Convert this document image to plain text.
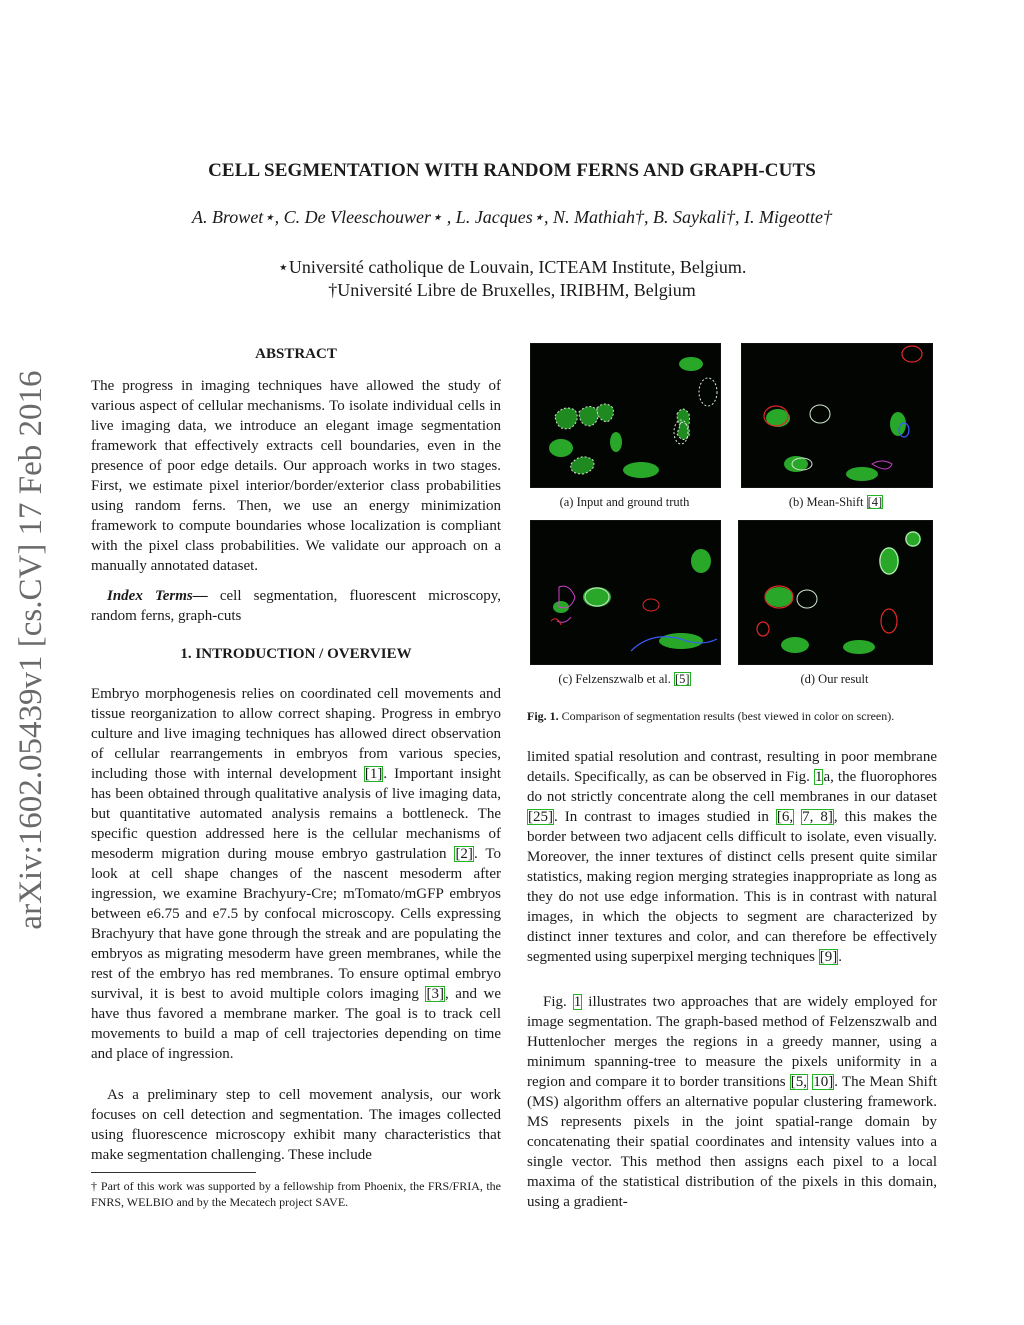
arXiv:1602.05439v1 [cs.CV] 17 Feb 2016
CELL SEGMENTATION WITH RANDOM FERNS AND GRAPH-CUTS
A. Browet⋆, C. De Vleeschouwer⋆ , L. Jacques⋆, N. Mathiah†, B. Saykali†, I. Migeotte†
⋆Université catholique de Louvain, ICTEAM Institute, Belgium.
†Université Libre de Bruxelles, IRIBHM, Belgium
ABSTRACT
The progress in imaging techniques have allowed the study of various aspect of cellular mechanisms. To isolate individual cells in live imaging data, we introduce an elegant image segmentation framework that effectively extracts cell boundaries, even in the presence of poor edge details. Our approach works in two stages. First, we estimate pixel interior/border/exterior class probabilities using random ferns. Then, we use an energy minimization framework to compute boundaries whose localization is compliant with the pixel class probabilities. We validate our approach on a manually annotated dataset.
Index Terms— cell segmentation, fluorescent microscopy, random ferns, graph-cuts
1. INTRODUCTION / OVERVIEW
Embryo morphogenesis relies on coordinated cell movements and tissue reorganization to allow correct shaping. Progress in embryo culture and live imaging techniques has allowed direct observation of cellular rearrangements in embryos from various species, including those with internal development [1]. Important insight has been obtained through qualitative analysis of live imaging data, but quantitative automated analysis remains a bottleneck. The specific question addressed here is the cellular mechanisms of mesoderm migration during mouse embryo gastrulation [2]. To look at cell shape changes of the nascent mesoderm after ingression, we examine Brachyury-Cre; mTomato/mGFP embryos between e6.75 and e7.5 by confocal microscopy. Cells expressing Brachyury that have gone through the streak and are populating the embryos as migrating mesoderm have green membranes, while the rest of the embryo has red membranes. To ensure optimal embryo survival, it is best to avoid multiple colors imaging [3], and we have thus favored a membrane marker. The goal is to track cell movements to build a map of cell trajectories depending on time and place of ingression.
As a preliminary step to cell movement analysis, our work focuses on cell detection and segmentation. The images collected using fluorescence microscopy exhibit many characteristics that make segmentation challenging. These include
† Part of this work was supported by a fellowship from Phoenix, the FRS/FRIA, the FNRS, WELBIO and by the Mecatech project SAVE.
(a) Input and ground truth	(b) Mean-Shift [4]
(c) Felzenszwalb et al. [5]	(d) Our result
Fig. 1. Comparison of segmentation results (best viewed in color on screen).
limited spatial resolution and contrast, resulting in poor membrane details. Specifically, as can be observed in Fig. 1a, the fluorophores do not strictly concentrate along the cell membranes in our dataset [25]. In contrast to images studied in [6, 7, 8], this makes the border between two adjacent cells difficult to isolate, even visually. Moreover, the inner textures of distinct cells present quite similar statistics, making region merging strategies inappropriate as long as they do not use edge information. This is in contrast with natural images, in which the objects to segment are characterized by distinct inner textures and color, and can therefore be effectively segmented using superpixel merging techniques [9].
Fig. 1 illustrates two approaches that are widely employed for image segmentation. The graph-based method of Felzenszwalb and Huttenlocher merges the regions in a greedy manner, using a minimum spanning-tree to measure the pixels uniformity in a region and compare it to border transitions [5, 10]. The Mean Shift (MS) algorithm offers an alternative popular clustering framework. MS represents pixels in the joint spatial-range domain by concatenating their spatial coordinates and intensity values into a single vector. This method then assigns each pixel to a local maxima of the statistical distribution of the pixels in this domain, using a gradient-
